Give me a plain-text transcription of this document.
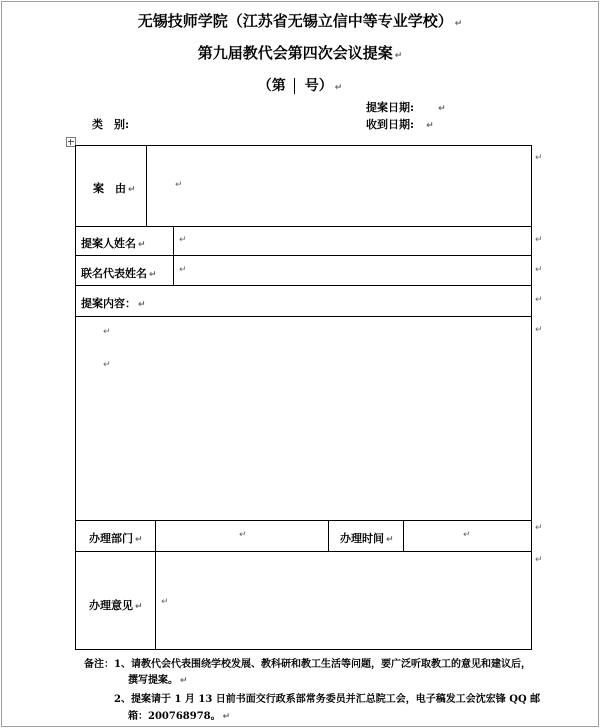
无锡技师学院（江苏省无锡立信中等专业学校） ↵
第九届教代会第四次会议提案 ↵
（第 号） ↵
提案日期:	↵
类　别:	收到日期: ↵
案　由 ↵	↵
↵
提案人姓名 ↵	↵	↵
联名代表姓名 ↵ ↵	↵
提案内容： ↵	↵
↵
↵
↵
办理部门 ↵	↵	办理时间 ↵	↵
↵
办理意见 ↵ ↵
↵
备注：1、请教代会代表围绕学校发展、教科研和教工生活等问题，要广泛听取教工的意见和建议后，
撰写提案。 ↵
2、提案请于 1 月 13 日前书面交行政系部常务委员并汇总院工会，电子稿发工会沈宏锋 QQ 邮
箱：200768978。 ↵
